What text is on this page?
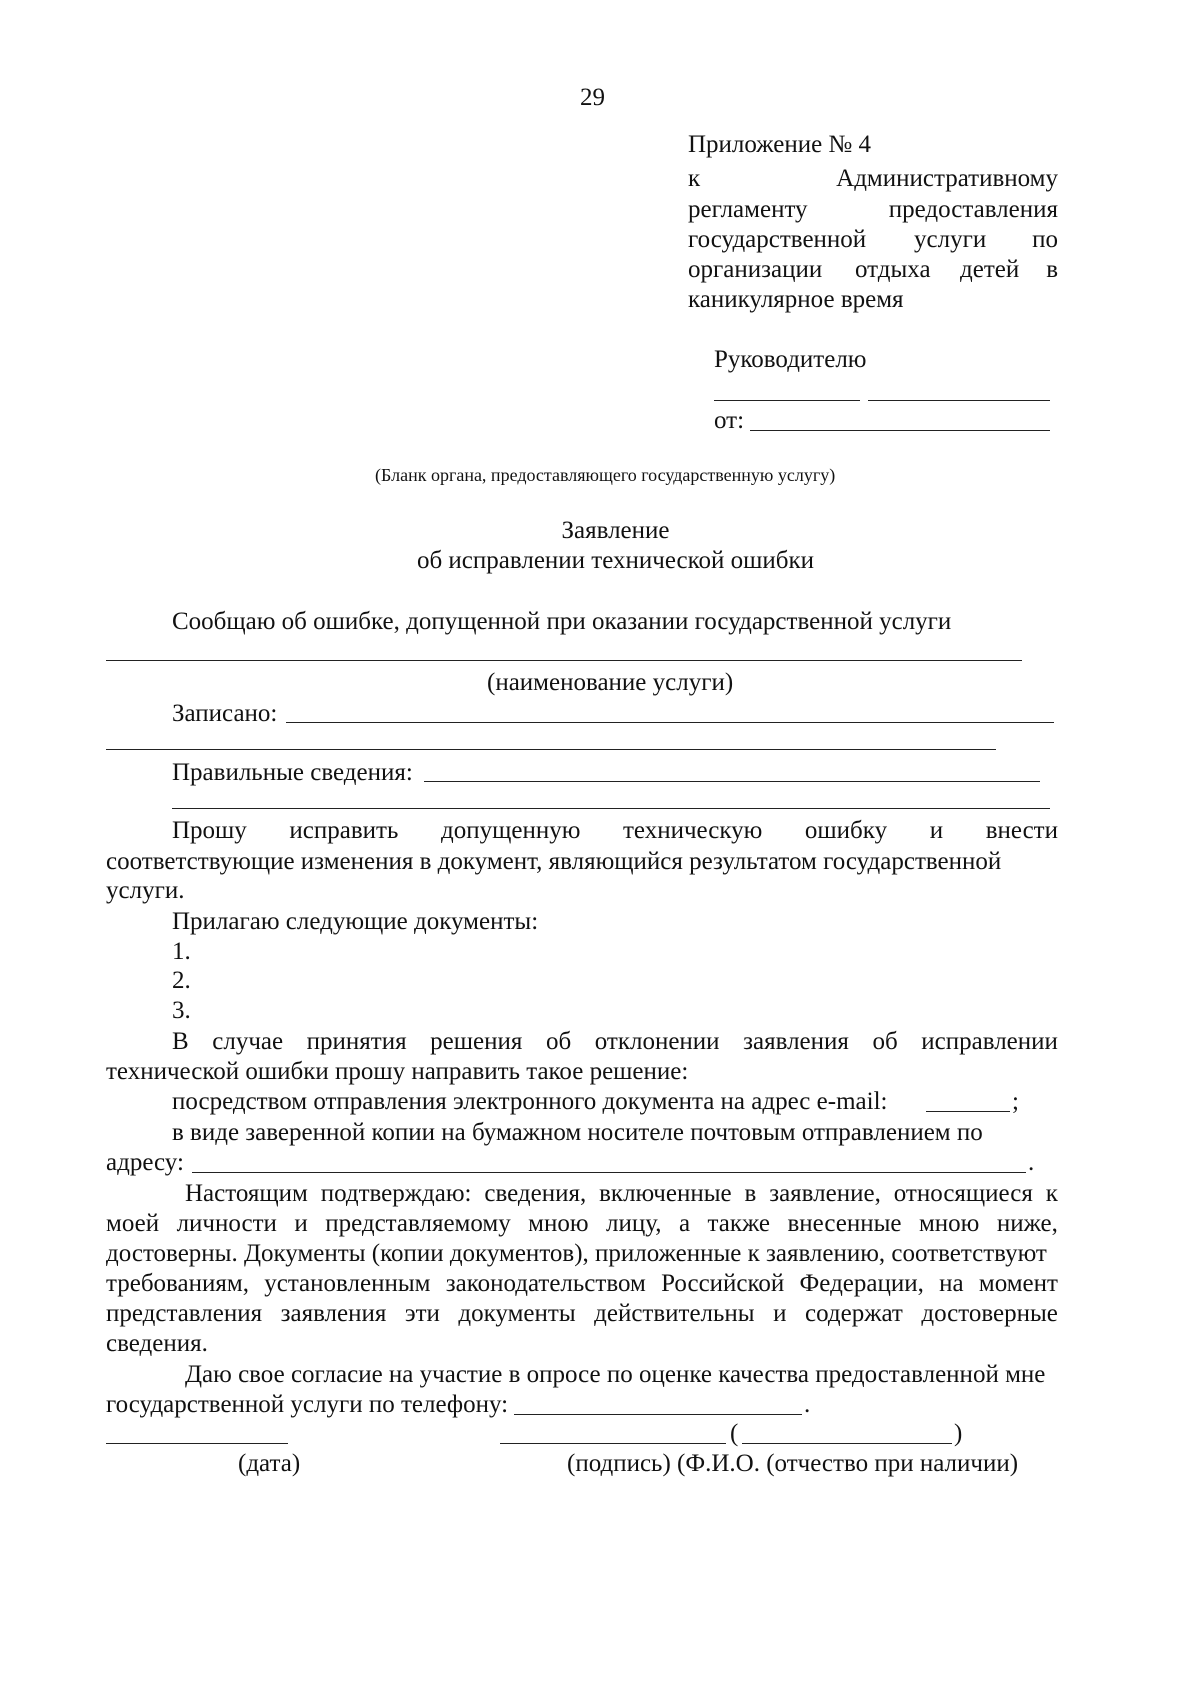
29
Приложение № 4
к	Административному
регламенту	предоставления
государственной услуги по
организации отдыха детей в
каникулярное время
Руководителю
от:
(Бланк органа, предоставляющего государственную услугу)
Заявление
об исправлении технической ошибки
Сообщаю об ошибке, допущенной при оказании государственной услуги
(наименование услуги)
Записано:
Правильные сведения:
Прошу исправить допущенную техническую ошибку и внести
соответствующие изменения в документ, являющийся результатом государственной
услуги.
Прилагаю следующие документы:
1.
2.
3.
В случае принятия решения об отклонении заявления об исправлении
технической ошибки прошу направить такое решение:
посредством отправления электронного документа на адрес e-mail:	;
в виде заверенной копии на бумажном носителе почтовым отправлением по
адресу:	.
Настоящим подтверждаю: сведения, включенные в заявление, относящиеся к
моей личности и представляемому мною лицу, а также внесенные мною ниже,
достоверны. Документы (копии документов), приложенные к заявлению, соответствуют
требованиям, установленным законодательством Российской Федерации, на момент
представления заявления эти документы действительны и содержат достоверные
сведения.
Даю свое согласие на участие в опросе по оценке качества предоставленной мне
государственной услуги по телефону:	.
(	)
(дата)	(подпись) (Ф.И.О. (отчество при наличии)
